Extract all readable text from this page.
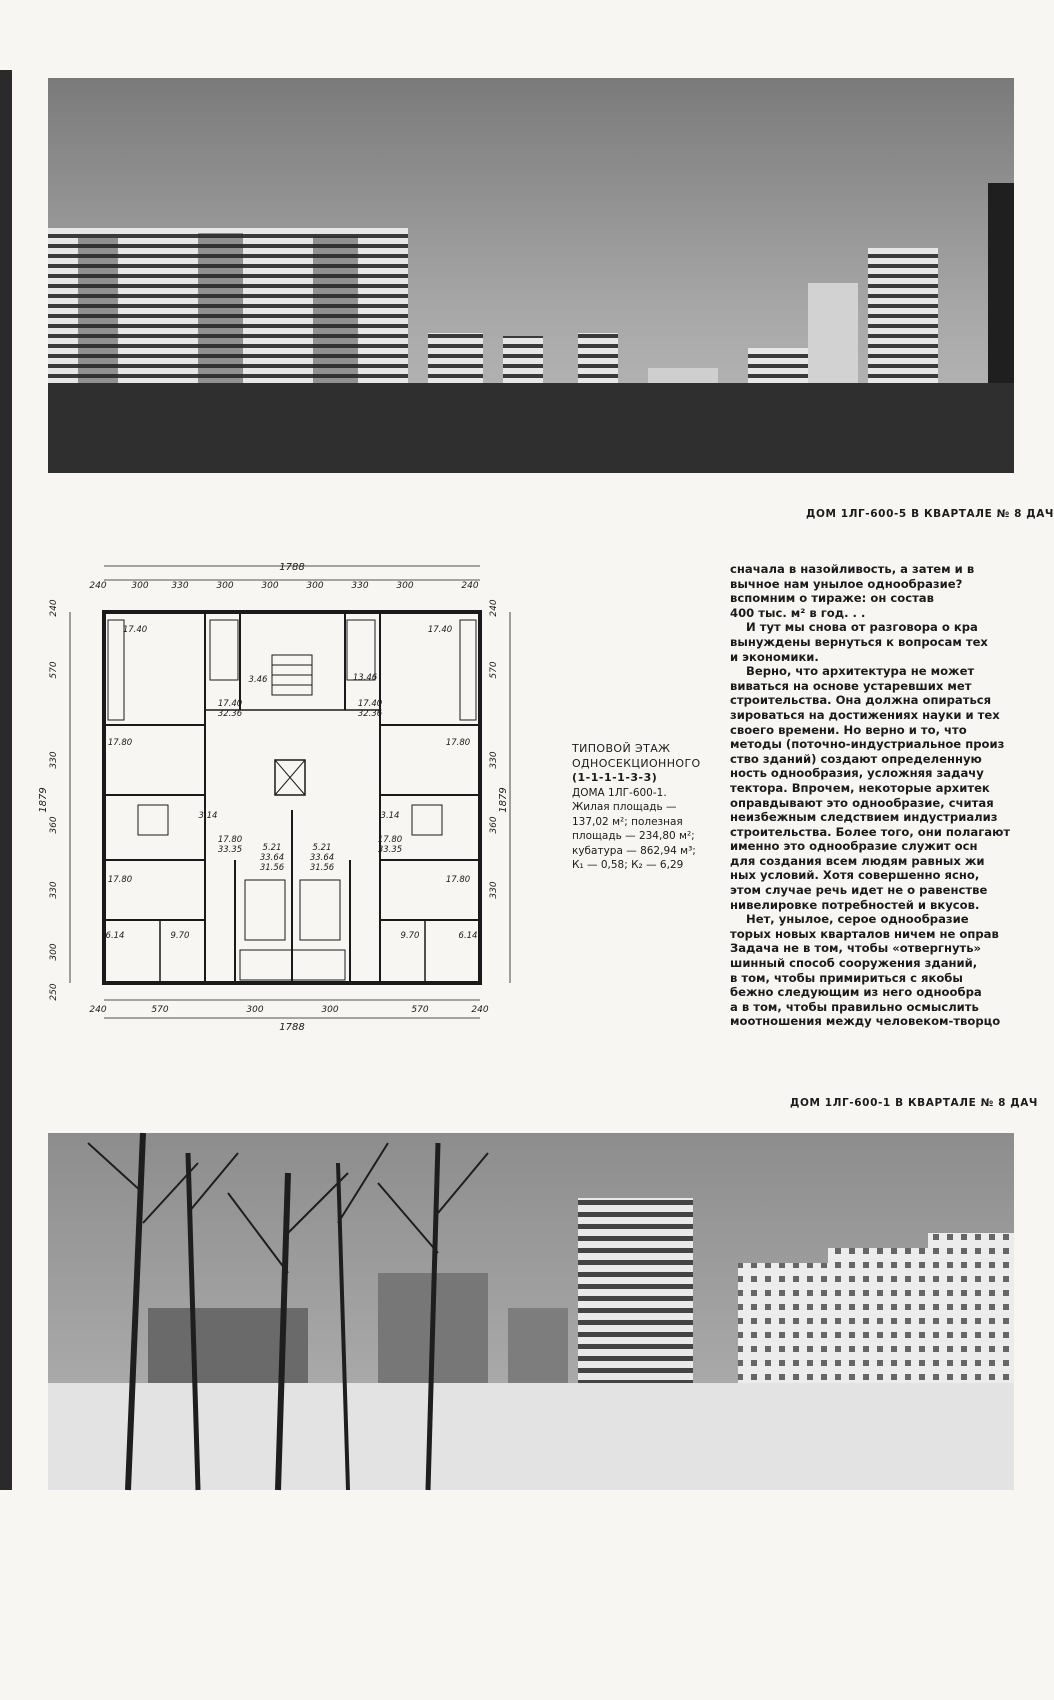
ДОМ 1ЛГ-600-5 В КВАРТАЛЕ № 8 ДАЧ
1788
1788
240	300	330	300	300	300	330	300	240
240	570	300	300	570	240
240
570
330
360
330
300
250
1879	1879
240
570
330
360
330
17.40	17.40
17.40
32.36
17.40
13.46
17.80	17.80
3.14
17.80
33.35 5.21	5.21
33.64	33.64
31.56	31.56
3.14
17.80
33.35
17.80	17.80
6.14	9.70	9.70	6.14
3.46
32.36
ТИПОВОЙ ЭТАЖ
ОДНОСЕКЦИОННОГО
(1-1-1-1-3-3)
ДОМА 1ЛГ-600-1.
Жилая площадь —
137,02 м²; полезная
площадь — 234,80 м²;
кубатура — 862,94 м³;
К₁ — 0,58; К₂ — 6,29

сначала в назойливость, а затем и в

вычное нам унылое однообразие?

вспомним о тираже: он состав

400 тыс. м² в год. . .

И тут мы снова от разговора о кра

вынуждены вернуться к вопросам тех

и экономики.

Верно, что архитектура не может

виваться на основе устаревших мет

строительства. Она должна опираться

зироваться на достижениях науки и тех

своего времени. Но верно и то, что

методы (поточно-индустриальное произ

ство зданий) создают определенную

ность однообразия, усложняя задачу

тектора. Впрочем, некоторые архитек

оправдывают это однообразие, считая

неизбежным следствием индустриализ

строительства. Более того, они полагают

именно это однообразие служит осн

для создания всем людям равных жи

ных условий. Хотя совершенно ясно,

этом случае речь идет не о равенстве

нивелировке потребностей и вкусов.

Нет, унылое, серое однообразие

торых новых кварталов ничем не оправ

Задача не в том, чтобы «отвергнуть»

шинный способ сооружения зданий,

в том, чтобы примириться с якобы

бежно следующим из него однообра

а в том, чтобы правильно осмыслить

моотношения между человеком-творцо

ДОМ 1ЛГ-600-1 В КВАРТАЛЕ № 8 ДАЧ
